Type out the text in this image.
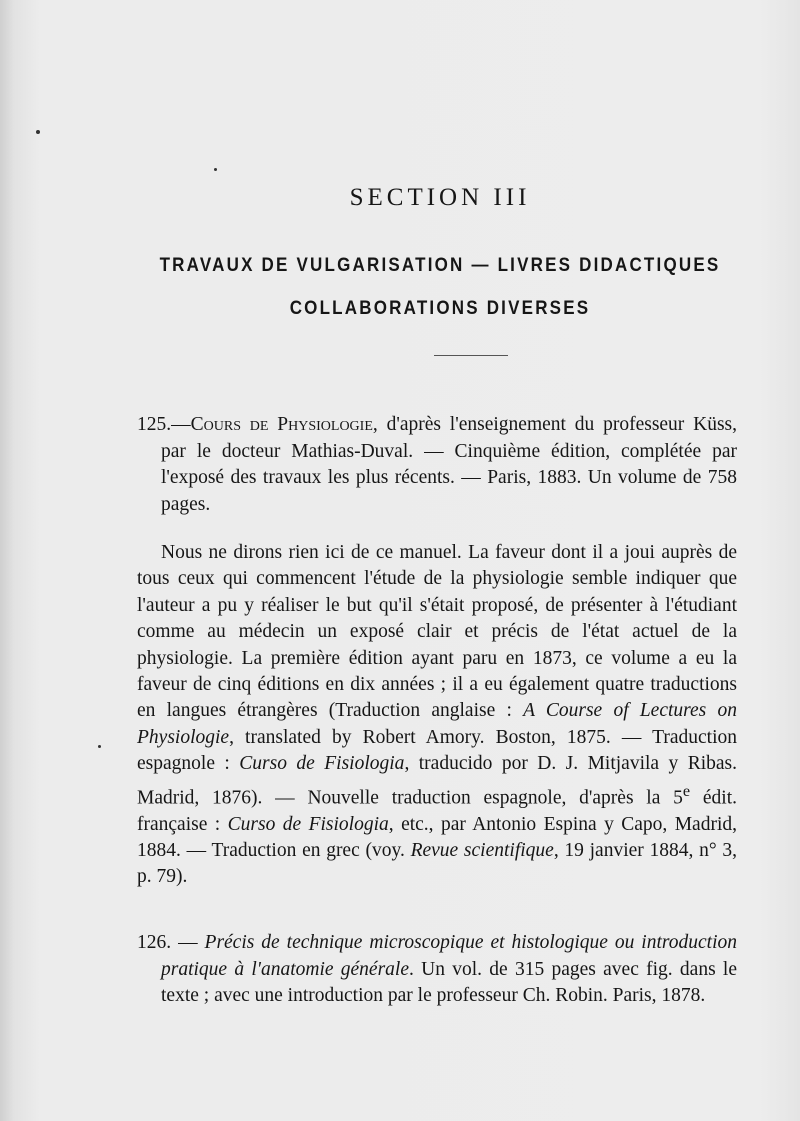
SECTION III
TRAVAUX DE VULGARISATION — LIVRES DIDACTIQUES
COLLABORATIONS DIVERSES

125.—Cours de Physiologie, d'après l'enseignement du professeur Küss, par le docteur Mathias-Duval. — Cinquième édition, complétée par l'exposé des travaux les plus récents. — Paris, 1883. Un volume de 758 pages.

Nous ne dirons rien ici de ce manuel. La faveur dont il a joui auprès de tous ceux qui commencent l'étude de la physiologie semble indiquer que l'auteur a pu y réaliser le but qu'il s'était proposé, de présenter à l'étudiant comme au médecin un exposé clair et précis de l'état actuel de la physiologie. La première édition ayant paru en 1873, ce volume a eu la faveur de cinq éditions en dix années ; il a eu également quatre traductions en langues étrangères (Traduction anglaise : A Course of Lectures on Physiologie, translated by Robert Amory. Boston, 1875. — Traduction espagnole : Curso de Fisiologia, traducido por D. J. Mitjavila y Ribas. Madrid, 1876). — Nouvelle traduction espagnole, d'après la 5e édit. française : Curso de Fisiologia, etc., par Antonio Espina y Capo, Madrid, 1884. — Traduction en grec (voy. Revue scientifique, 19 janvier 1884, n° 3, p. 79).

126. — Précis de technique microscopique et histologique ou introduction pratique à l'anatomie générale. Un vol. de 315 pages avec fig. dans le texte ; avec une introduction par le professeur Ch. Robin. Paris, 1878.
